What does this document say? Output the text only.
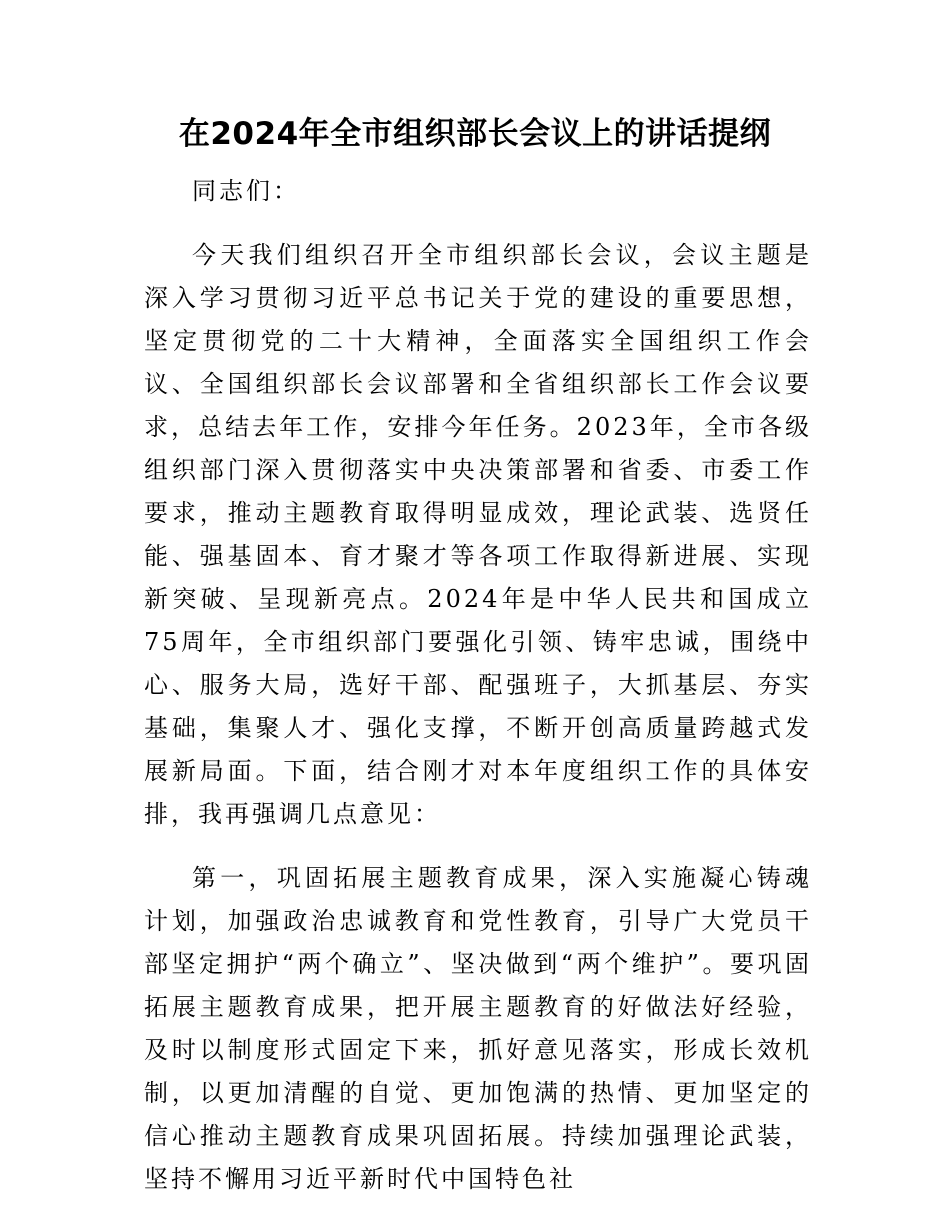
在2024年全市组织部长会议上的讲话提纲

同志们：

今天我们组织召开全市组织部长会议，会议主题是深入学习贯彻习近平总书记关于党的建设的重要思想，坚定贯彻党的二十大精神，全面落实全国组织工作会议、全国组织部长会议部署和全省组织部长工作会议要求，总结去年工作，安排今年任务。2023年，全市各级组织部门深入贯彻落实中央决策部署和省委、市委工作要求，推动主题教育取得明显成效，理论武装、选贤任能、强基固本、育才聚才等各项工作取得新进展、实现新突破、呈现新亮点。2024年是中华人民共和国成立75周年，全市组织部门要强化引领、铸牢忠诚，围绕中心、服务大局，选好干部、配强班子，大抓基层、夯实基础，集聚人才、强化支撑，不断开创高质量跨越式发展新局面。下面，结合刚才对本年度组织工作的具体安排，我再强调几点意见：

第一，巩固拓展主题教育成果，深入实施凝心铸魂计划，加强政治忠诚教育和党性教育，引导广大党员干部坚定拥护“两个确立”、坚决做到“两个维护”。要巩固拓展主题教育成果，把开展主题教育的好做法好经验，及时以制度形式固定下来，抓好意见落实，形成长效机制，以更加清醒的自觉、更加饱满的热情、更加坚定的信心推动主题教育成果巩固拓展。持续加强理论武装，坚持不懈用习近平新时代中国特色社
